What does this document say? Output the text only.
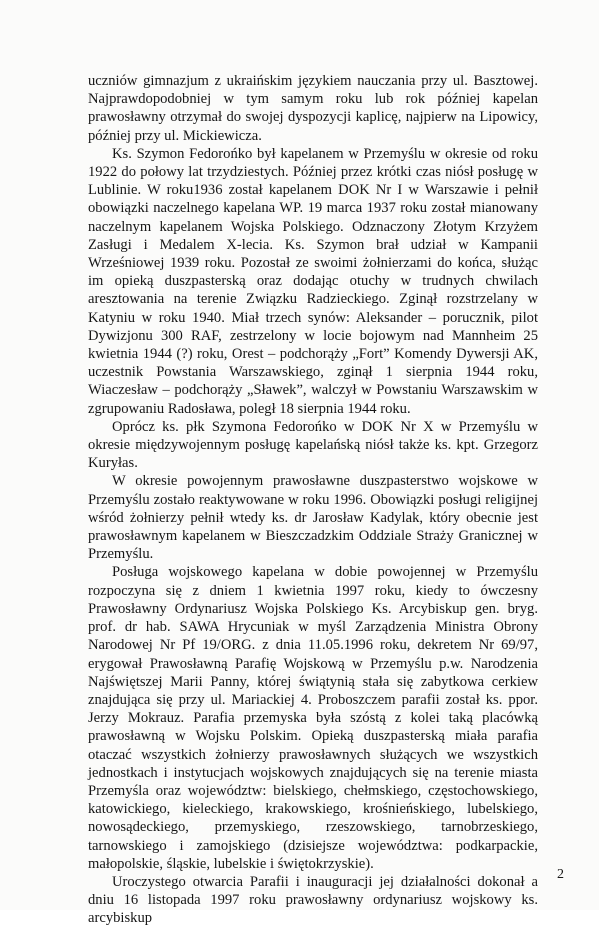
uczniów gimnazjum z ukraińskim językiem nauczania przy ul. Basztowej. Najprawdopodobniej w tym samym roku lub rok później kapelan prawosławny otrzymał do swojej dyspozycji kaplicę, najpierw na Lipowicy, później przy ul. Mickiewicza.

Ks. Szymon Fedorońko był kapelanem w Przemyślu w okresie od roku 1922 do połowy lat trzydziestych. Później przez krótki czas niósł posługę w Lublinie. W roku1936 został kapelanem DOK Nr I w Warszawie i pełnił obowiązki naczelnego kapelana WP. 19 marca 1937 roku został mianowany naczelnym kapelanem Wojska Polskiego. Odznaczony Złotym Krzyżem Zasługi i Medalem X-lecia. Ks. Szymon brał udział w Kampanii Wrześniowej 1939 roku. Pozostał ze swoimi żołnierzami do końca, służąc im opieką duszpasterską oraz dodając otuchy w trudnych chwilach aresztowania na terenie Związku Radzieckiego. Zginął rozstrzelany w Katyniu w roku 1940. Miał trzech synów: Aleksander – porucznik, pilot Dywizjonu 300 RAF, zestrzelony w locie bojowym nad Mannheim 25 kwietnia 1944 (?) roku, Orest – podchorąży „Fort” Komendy Dywersji AK, uczestnik Powstania Warszawskiego, zginął 1 sierpnia 1944 roku, Wiaczesław – podchorąży „Sławek”, walczył w Powstaniu Warszawskim w zgrupowaniu Radosława, poległ 18 sierpnia 1944 roku.

Oprócz ks. płk Szymona Fedorońko w DOK Nr X w Przemyślu w okresie międzywojennym posługę kapelańską niósł także ks. kpt. Grzegorz Kuryłas.

W okresie powojennym prawosławne duszpasterstwo wojskowe w Przemyślu zostało reaktywowane w roku 1996. Obowiązki posługi religijnej wśród żołnierzy pełnił wtedy ks. dr Jarosław Kadylak, który obecnie jest prawosławnym kapelanem w Bieszczadzkim Oddziale Straży Granicznej w Przemyślu.

Posługa wojskowego kapelana w dobie powojennej w Przemyślu rozpoczyna się z dniem 1 kwietnia 1997 roku, kiedy to ówczesny Prawosławny Ordynariusz Wojska Polskiego Ks. Arcybiskup gen. bryg. prof. dr hab. SAWA Hrycuniak w myśl Zarządzenia Ministra Obrony Narodowej Nr Pf 19/ORG. z dnia 11.05.1996 roku, dekretem Nr 69/97, erygował Prawosławną Parafię Wojskową w Przemyślu p.w. Narodzenia Najświętszej Marii Panny, której świątynią stała się zabytkowa cerkiew znajdująca się przy ul. Mariackiej 4. Proboszczem parafii został ks. ppor. Jerzy Mokrauz. Parafia przemyska była szóstą z kolei taką placówką prawosławną w Wojsku Polskim. Opieką duszpasterską miała parafia otaczać wszystkich żołnierzy prawosławnych służących we wszystkich jednostkach i instytucjach wojskowych znajdujących się na terenie miasta Przemyśla oraz województw: bielskiego, chełmskiego, częstochowskiego, katowickiego, kieleckiego, krakowskiego, krośnieńskiego, lubelskiego, nowosądeckiego, przemyskiego, rzeszowskiego, tarnobrzeskiego, tarnowskiego i zamojskiego (dzisiejsze województwa: podkarpackie, małopolskie, śląskie, lubelskie i świętokrzyskie).

Uroczystego otwarcia Parafii i inauguracji jej działalności dokonał a dniu 16 listopada 1997 roku prawosławny ordynariusz wojskowy ks. arcybiskup

2
